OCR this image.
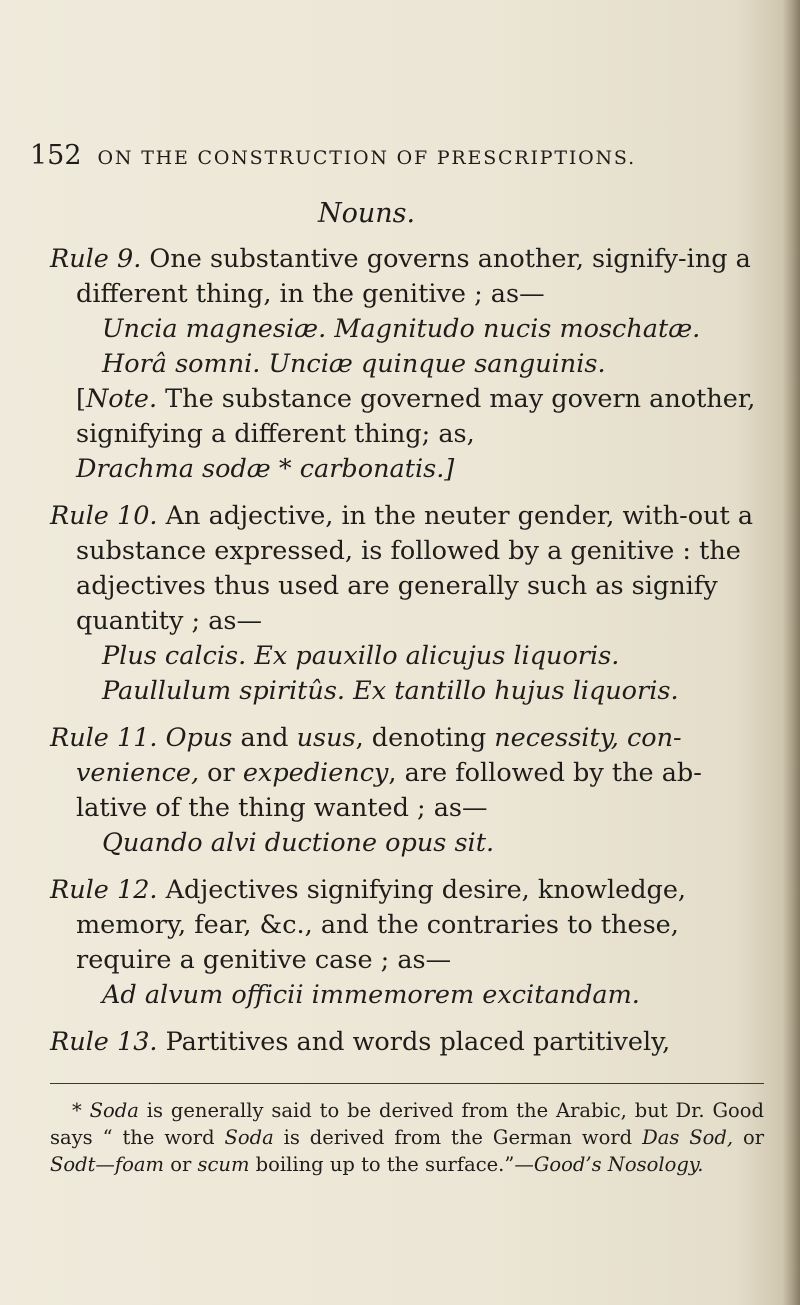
152 ON THE CONSTRUCTION OF PRESCRIPTIONS.
Nouns.
Rule 9. One substantive governs another, signify-ing a different thing, in the genitive ; as—
Uncia magnesiæ. Magnitudo nucis moschatæ.
Horâ somni. Unciæ quinque sanguinis.
[Note. The substance governed may govern another, signifying a different thing; as,
Drachma sodæ * carbonatis.]
Rule 10. An adjective, in the neuter gender, with-out a substance expressed, is followed by a genitive : the adjectives thus used are generally such as signify quantity ; as—
Plus calcis. Ex pauxillo alicujus liquoris.
Paullulum spiritûs. Ex tantillo hujus liquoris.
Rule 11. Opus and usus, denoting necessity, con-venience, or expediency, are followed by the ab-lative of the thing wanted ; as—
Quando alvi ductione opus sit.
Rule 12. Adjectives signifying desire, knowledge, memory, fear, &c., and the contraries to these, require a genitive case ; as—
Ad alvum officii immemorem excitandam.
Rule 13. Partitives and words placed partitively,
* Soda is generally said to be derived from the Arabic, but Dr. Good says “ the word Soda is derived from the German word Das Sod, or Sodt—foam or scum boiling up to the surface.”—Good’s Nosology.
